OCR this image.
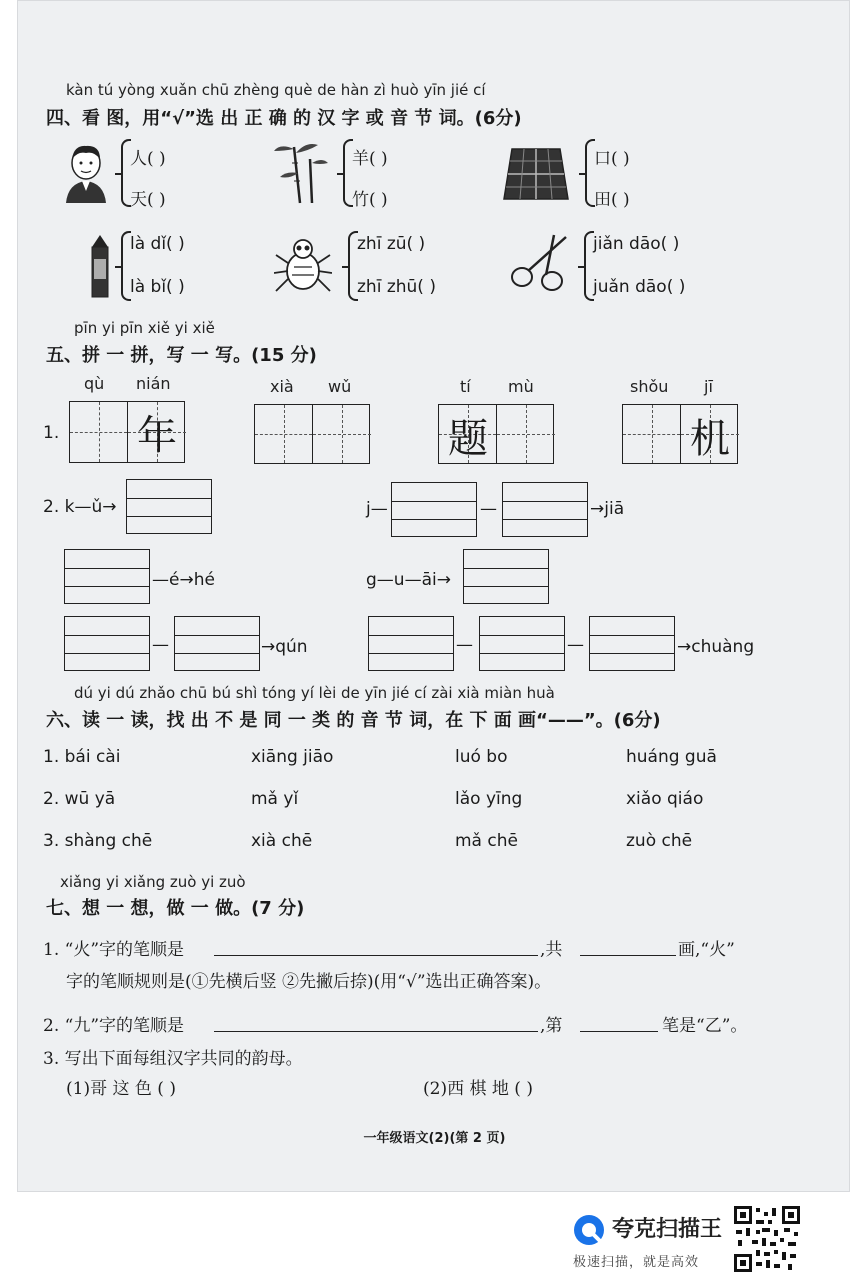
kàn tú yòng xuǎn chū zhèng què de hàn zì huò yīn jié cí
四、看 图，用“√”选 出 正 确 的 汉 字 或 音 节 词。(6分)
人( )
天( )
羊( )
竹( )
口( )
田( )
là dǐ( )
là bǐ( )
zhī zū( )
zhī zhū( )
jiǎn dāo( )
juǎn dāo( )
pīn yi pīn xiě yi xiě
五、拼 一 拼，写 一 写。(15 分)
1.
qù nián
年
xià wǔ	tí mù
题
shǒu jī
机
2. k—ǔ→	j—	—	→jiā
—é→hé	g—u—āi→
—	→qún	—	—	→chuàng
dú yi dú zhǎo chū bú shì tóng yí lèi de yīn jié cí zài xià miàn huà
六、读 一 读，找 出 不 是 同 一 类 的 音 节 词，在 下 面 画“——”。(6分)
1. bái cài	xiāng jiāo	luó bo	huáng guā
2. wū yā	mǎ yǐ	lǎo yīng	xiǎo qiáo
3. shàng chē	xià chē	mǎ chē	zuò chē
xiǎng yi xiǎng zuò yi zuò
七、想 一 想，做 一 做。(7 分)
1. “火”字的笔顺是	,共	画,“火”
字的笔顺规则是(①先横后竖 ②先撇后捺)(用“√”选出正确答案)。
2. “九”字的笔顺是	,第	笔是“乙”。
3. 写出下面每组汉字共同的韵母。
(1)哥 这 色 ( )	(2)西 棋 地 ( )
一年级语文(2)(第 2 页)
夸克扫描王
极速扫描，就是高效
